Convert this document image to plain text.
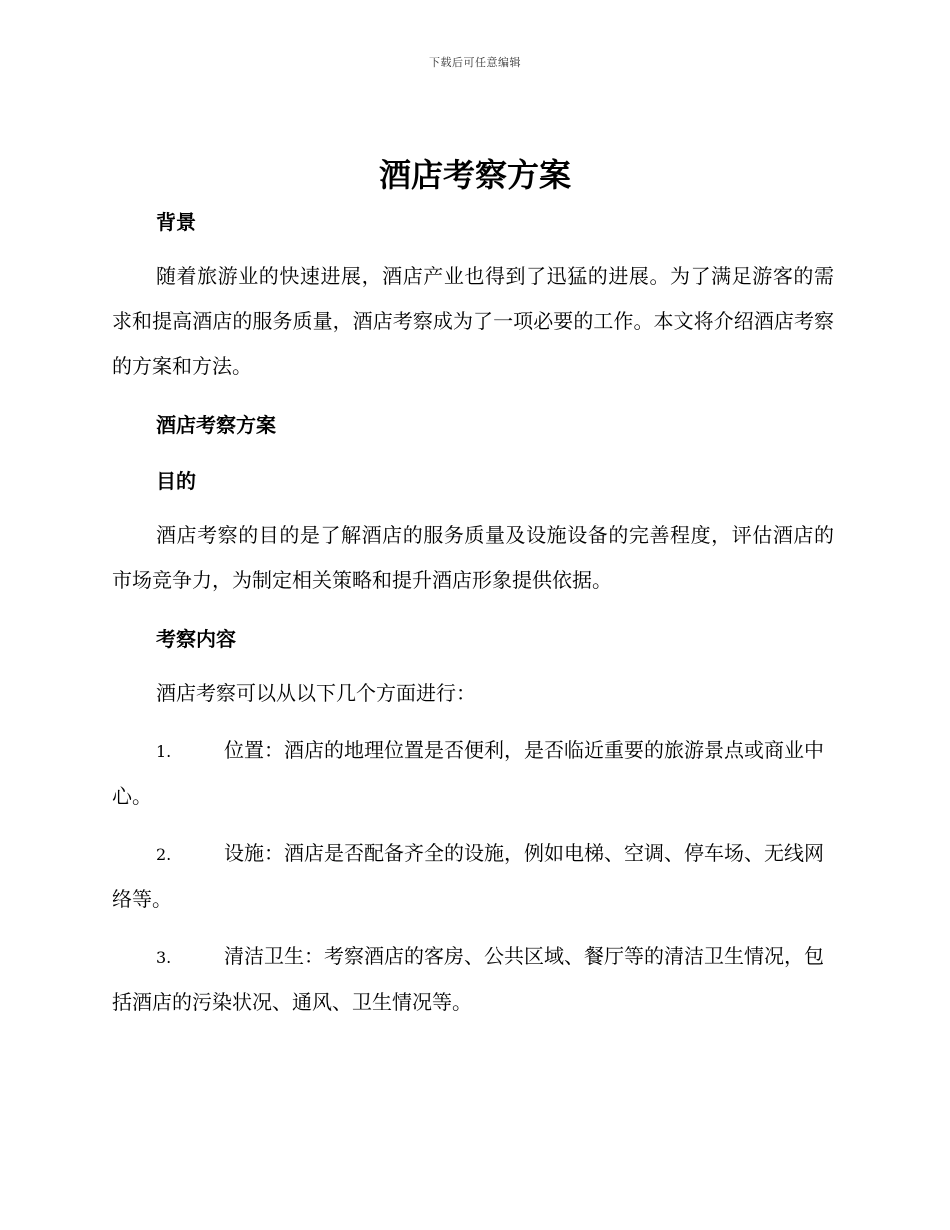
下载后可任意编辑
酒店考察方案

背景

随着旅游业的快速进展，酒店产业也得到了迅猛的进展。为了满足游客的需求和提高酒店的服务质量，酒店考察成为了一项必要的工作。本文将介绍酒店考察的方案和方法。

酒店考察方案

目的

酒店考察的目的是了解酒店的服务质量及设施设备的完善程度，评估酒店的市场竞争力，为制定相关策略和提升酒店形象提供依据。

考察内容

酒店考察可以从以下几个方面进行：

1.	位置：酒店的地理位置是否便利，是否临近重要的旅游景点或商业中心。

2.	设施：酒店是否配备齐全的设施，例如电梯、空调、停车场、无线网络等。

3.	清洁卫生：考察酒店的客房、公共区域、餐厅等的清洁卫生情况，包括酒店的污染状况、通风、卫生情况等。
